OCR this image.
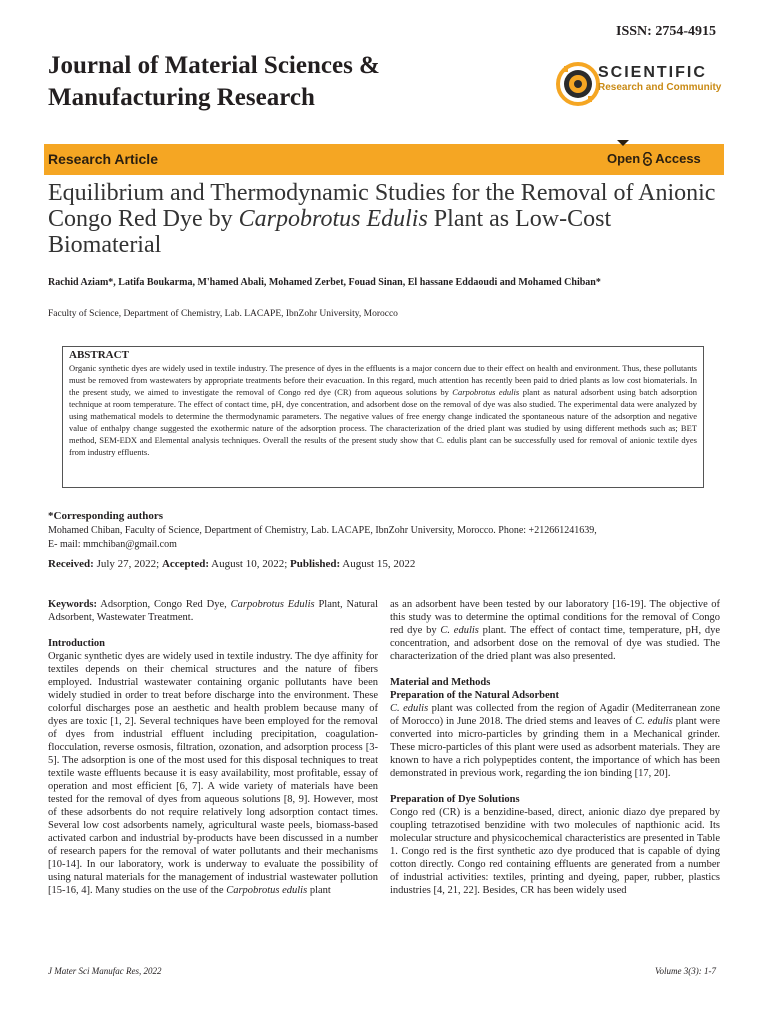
ISSN: 2754-4915
Journal of Material Sciences &
Manufacturing Research
SCIENTIFIC
Research and Community
Research Article	Open Access
Equilibrium and Thermodynamic Studies for the Removal of Anionic Congo Red Dye by Carpobrotus Edulis Plant as Low-Cost Biomaterial
Rachid Aziam*, Latifa Boukarma, M'hamed Abali, Mohamed Zerbet, Fouad Sinan, El hassane Eddaoudi and Mohamed Chiban*
Faculty of Science, Department of Chemistry, Lab. LACAPE, IbnZohr University, Morocco
ABSTRACT
Organic synthetic dyes are widely used in textile industry. The presence of dyes in the effluents is a major concern due to their effect on health and environment. Thus, these pollutants must be removed from wastewaters by appropriate treatments before their evacuation. In this regard, much attention has recently been paid to dried plants as low cost biomaterials. In the present study, we aimed to investigate the removal of Congo red dye (CR) from aqueous solutions by Carpobrotus edulis plant as natural adsorbent using batch adsorption technique at room temperature. The effect of contact time, pH, dye concentration, and adsorbent dose on the removal of dye was also studied. The experimental data were analyzed by using mathematical models to determine the thermodynamic parameters. The negative values of free energy change indicated the spontaneous nature of the adsorption and negative value of enthalpy change suggested the exothermic nature of the adsorption process. The characterization of the dried plant was studied by using different methods such as; BET method, SEM-EDX and Elemental analysis techniques. Overall the results of the present study show that C. edulis plant can be successfully used for removal of anionic textile dyes from industry effluents.
*Corresponding authors
Mohamed Chiban, Faculty of Science, Department of Chemistry, Lab. LACAPE, IbnZohr University, Morocco. Phone: +212661241639,
E- mail: mmchiban@gmail.com
Received: July 27, 2022; Accepted: August 10, 2022; Published: August 15, 2022

Keywords: Adsorption, Congo Red Dye, Carpobrotus Edulis Plant, Natural Adsorbent, Wastewater Treatment.

Introduction

Organic synthetic dyes are widely used in textile industry. The dye affinity for textiles depends on their chemical structures and the nature of fibers employed. Industrial wastewater containing organic pollutants have been widely studied in order to treat before discharge into the environment. These colorful discharges pose an aesthetic and health problem because many of dyes are toxic [1, 2]. Several techniques have been employed for the removal of dyes from industrial effluent including precipitation, coagulation-flocculation, reverse osmosis, filtration, ozonation, and adsorption process [3-5]. The adsorption is one of the most used for this disposal techniques to treat textile waste effluents because it is easy availability, most profitable, essay of operation and most efficient [6, 7]. A wide variety of materials have been tested for the removal of dyes from aqueous solutions [8, 9]. However, most of these adsorbents do not require relatively long adsorption contact times. Several low cost adsorbents namely, agricultural waste peels, biomass-based activated carbon and industrial by-products have been discussed in a number of research papers for the removal of water pollutants and their mechanisms [10-14]. In our laboratory, work is underway to evaluate the possibility of using natural materials for the management of industrial wastewater pollution [15-16, 4]. Many studies on the use of the Carpobrotus edulis plant

as an adsorbent have been tested by our laboratory [16-19]. The objective of this study was to determine the optimal conditions for the removal of Congo red dye by C. edulis plant. The effect of contact time, temperature, pH, dye concentration, and adsorbent dose on the removal of dye was studied. The characterization of the dried plant was also presented.

Material and Methods

Preparation of the Natural Adsorbent

C. edulis plant was collected from the region of Agadir (Mediterranean zone of Morocco) in June 2018. The dried stems and leaves of C. edulis plant were converted into micro-particles by grinding them in a Mechanical grinder. These micro-particles of this plant were used as adsorbent materials. They are known to have a rich polypeptides content, the importance of which has been demonstrated in previous work, regarding the ion binding [17, 20].

Preparation of Dye Solutions

Congo red (CR) is a benzidine-based, direct, anionic diazo dye prepared by coupling tetrazotised benzidine with two molecules of napthionic acid. Its molecular structure and physicochemical characteristics are presented in Table 1. Congo red is the first synthetic azo dye produced that is capable of dying cotton directly. Congo red containing effluents are generated from a number of industrial activities: textiles, printing and dyeing, paper, rubber, plastics industries [4, 21, 22]. Besides, CR has been widely used

J Mater Sci Manufac Res, 2022	Volume 3(3): 1-7
